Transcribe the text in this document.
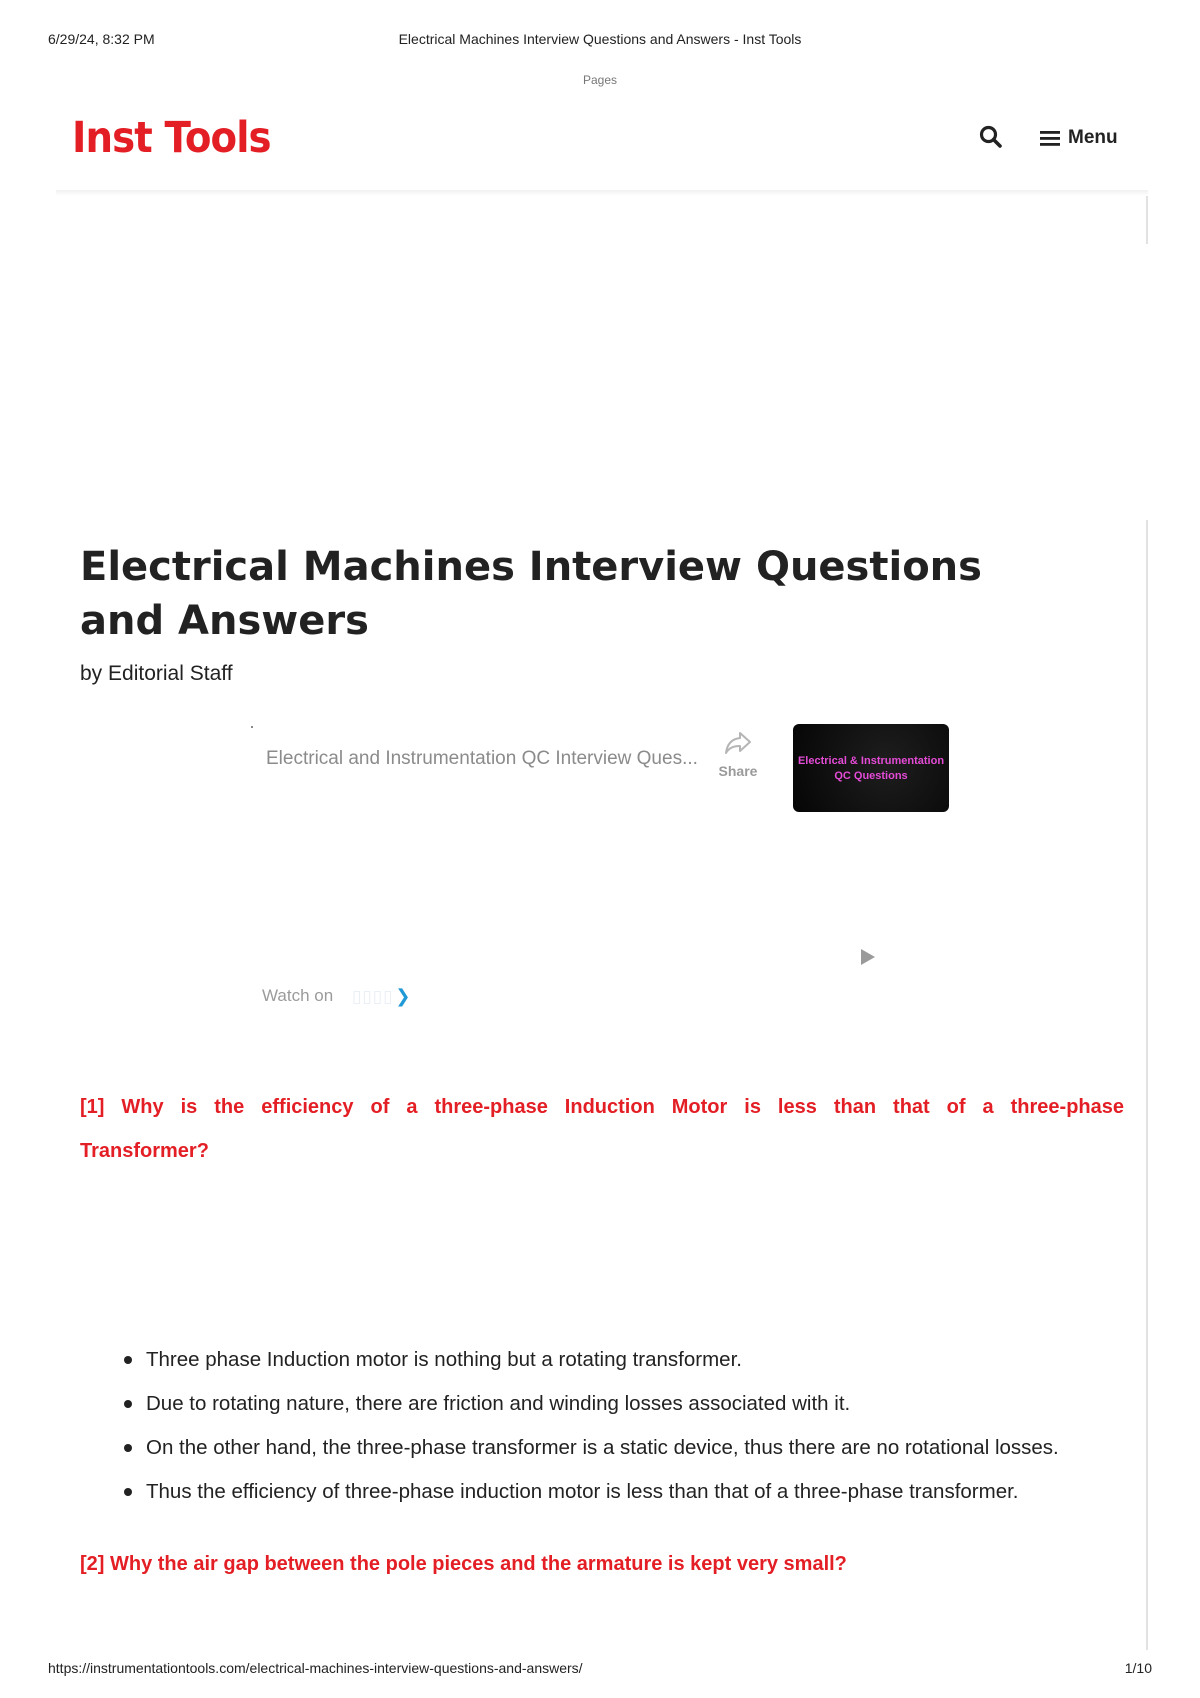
6/29/24, 8:32 PM	Electrical Machines Interview Questions and Answers - Inst Tools
Pages
Inst Tools	Menu
Electrical Machines Interview Questions and Answers
by Editorial Staff
Electrical and Instrumentation QC Interview Ques...
Share
Electrical & Instrumentation
QC Questions
Watch on ▯▯▯▯ ❯

[1] Why is the efficiency of a three-phase Induction Motor is less than that of a three-phase Transformer?

Three phase Induction motor is nothing but a rotating transformer.
Due to rotating nature, there are friction and winding losses associated with it.
On the other hand, the three-phase transformer is a static device, thus there are no rotational losses.
Thus the efficiency of three-phase induction motor is less than that of a three-phase transformer.

[2] Why the air gap between the pole pieces and the armature is kept very small?

https://instrumentationtools.com/electrical-machines-interview-questions-and-answers/	1/10
